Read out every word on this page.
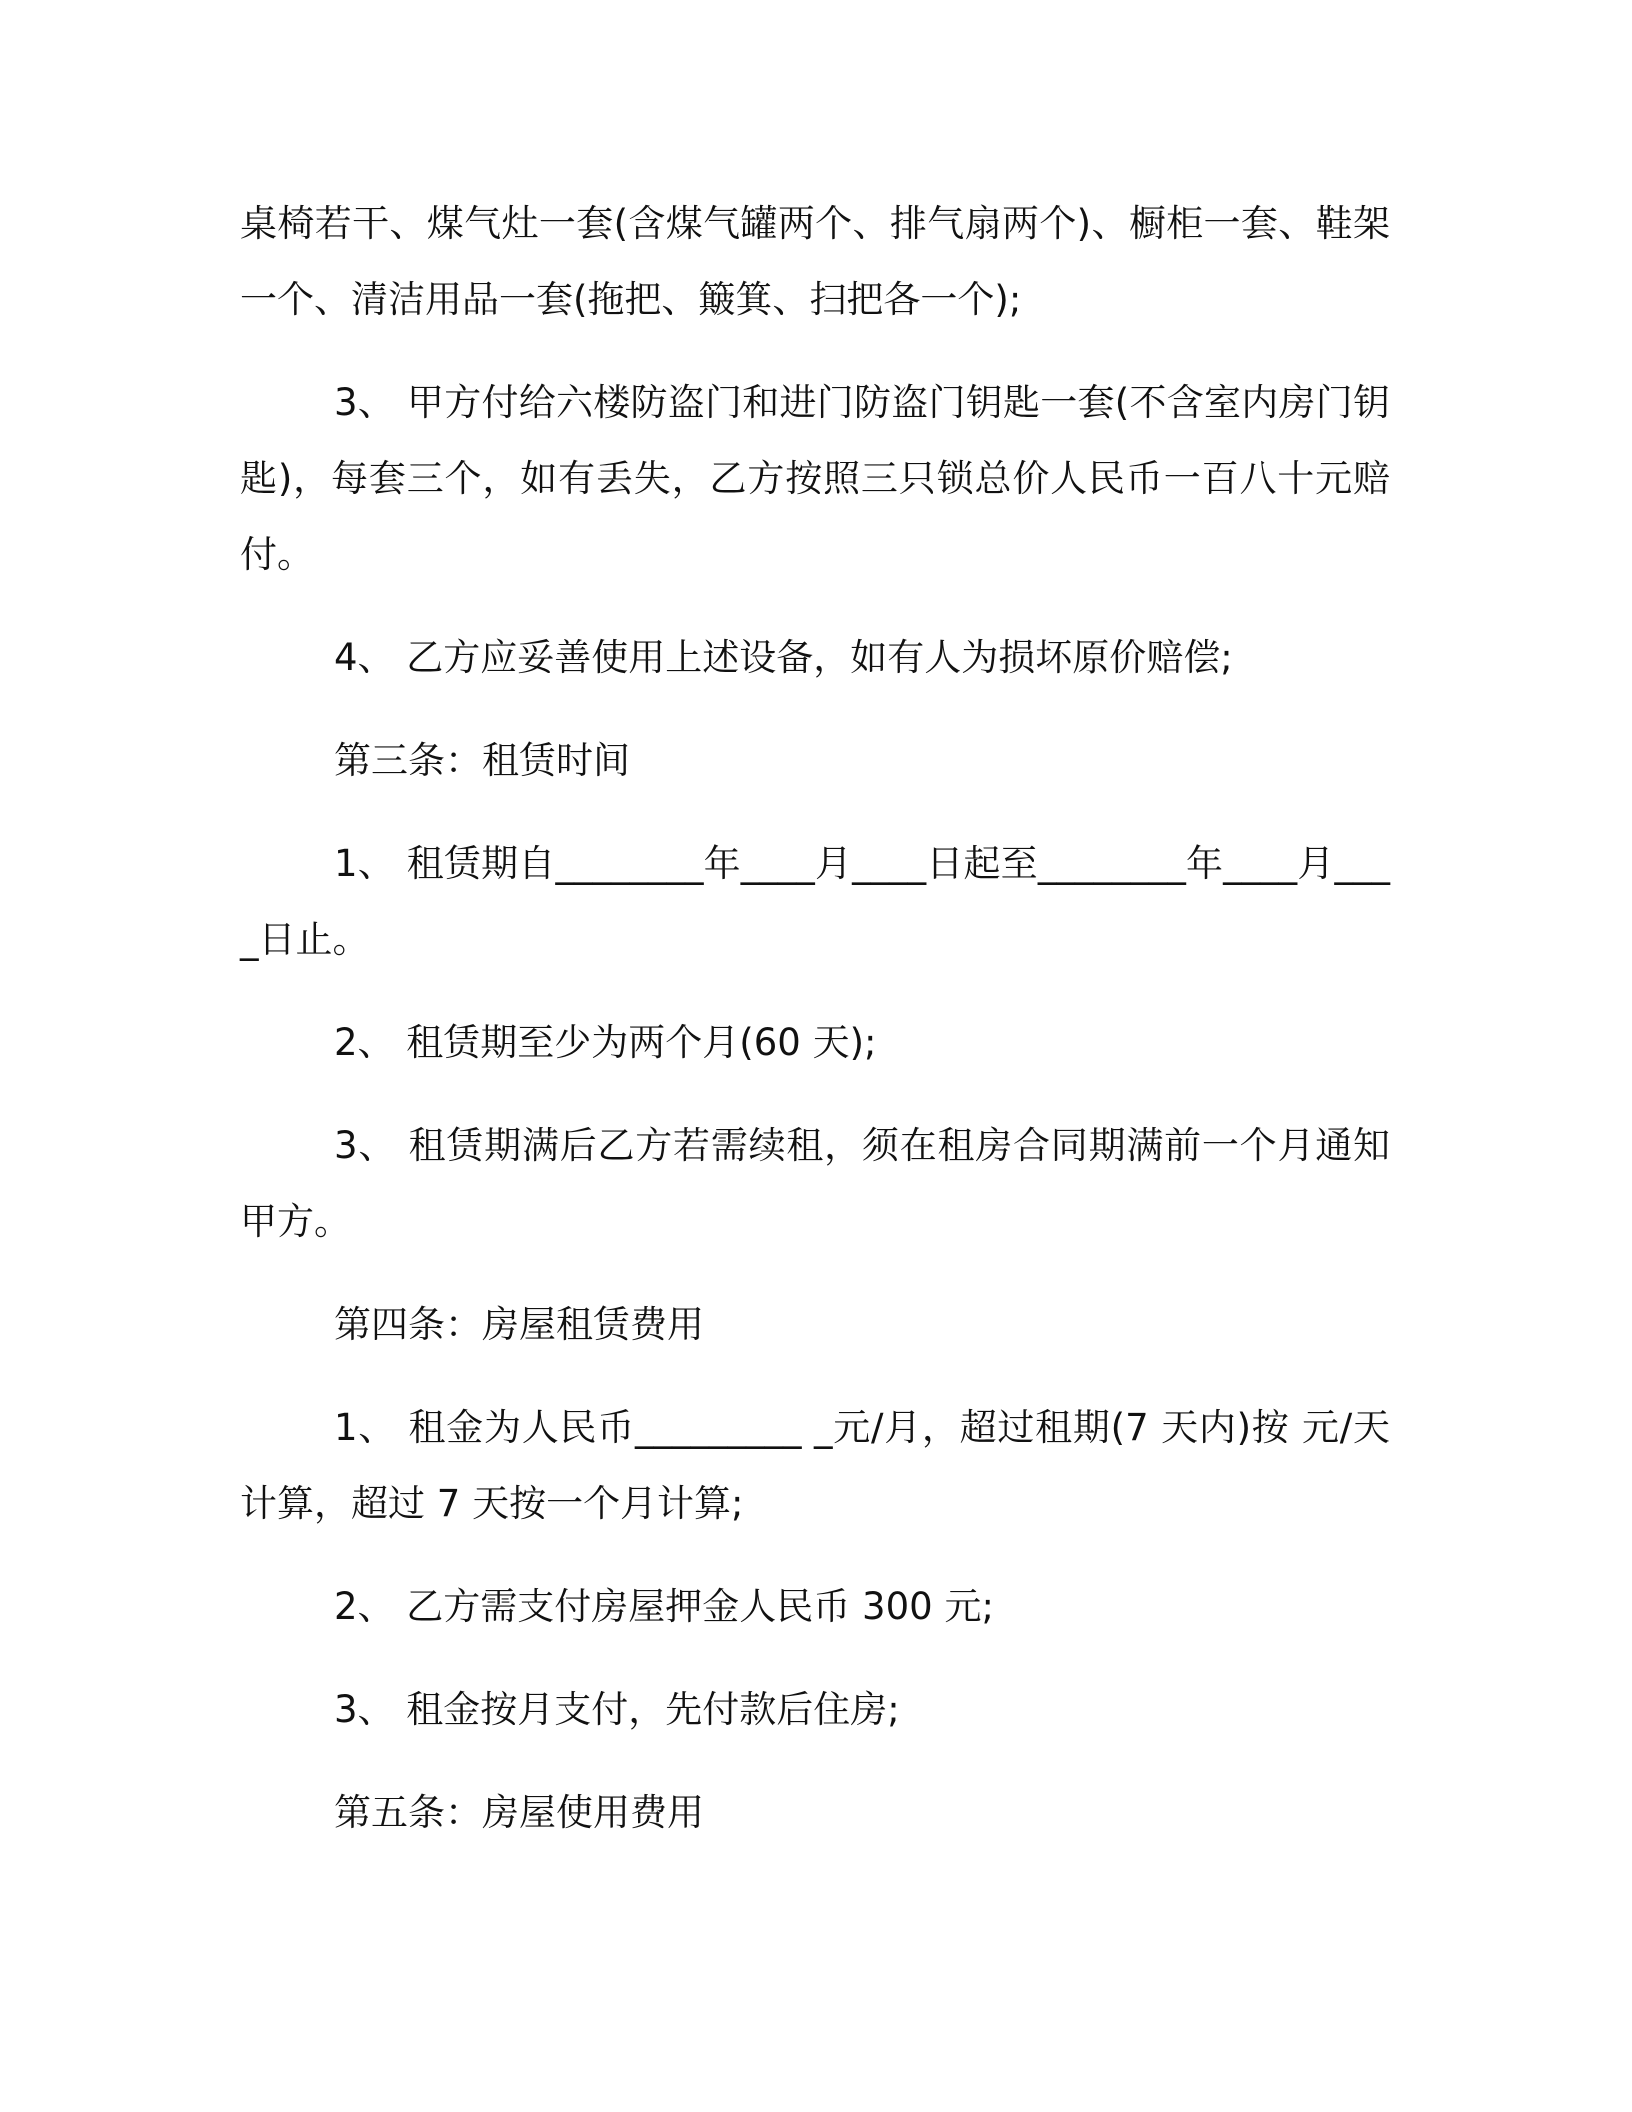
桌椅若干、煤气灶一套(含煤气罐两个、排气扇两个)、橱柜一套、鞋架一个、清洁用品一套(拖把、簸箕、扫把各一个);

3、 甲方付给六楼防盗门和进门防盗门钥匙一套(不含室内房门钥匙)，每套三个，如有丢失，乙方按照三只锁总价人民币一百八十元赔付。

4、 乙方应妥善使用上述设备，如有人为损坏原价赔偿;

第三条：租赁时间

1、 租赁期自________年____月____日起至________年____月____日止。

2、 租赁期至少为两个月(60 天);

3、 租赁期满后乙方若需续租，须在租房合同期满前一个月通知甲方。

第四条：房屋租赁费用

1、 租金为人民币_________ _元/月，超过租期(7 天内)按 元/天计算，超过 7 天按一个月计算;

2、 乙方需支付房屋押金人民币 300 元;

3、 租金按月支付，先付款后住房;

第五条：房屋使用费用
